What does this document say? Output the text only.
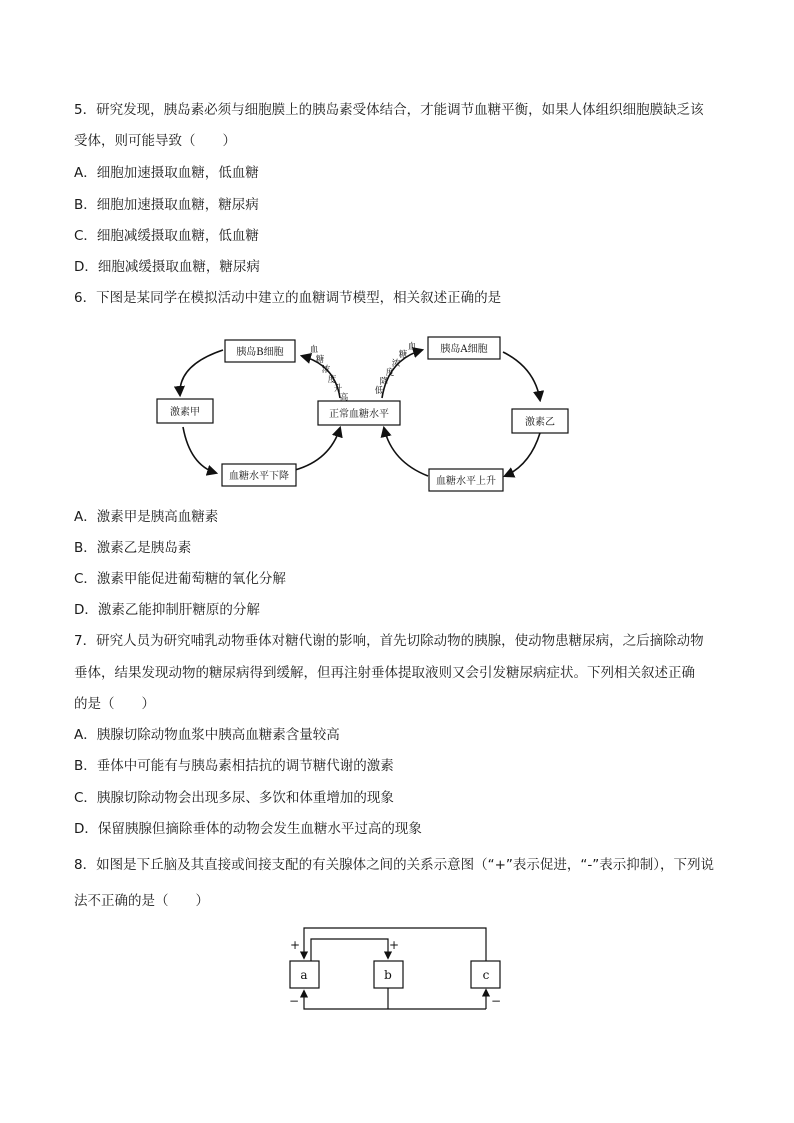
5．研究发现，胰岛素必须与细胞膜上的胰岛素受体结合，才能调节血糖平衡，如果人体组织细胞膜缺乏该
受体，则可能导致（　　）
A．细胞加速摄取血糖，低血糖
B．细胞加速摄取血糖，糖尿病
C．细胞减缓摄取血糖，低血糖
D．细胞减缓摄取血糖，糖尿病
6．下图是某同学在模拟活动中建立的血糖调节模型，相关叙述正确的是
胰岛B细胞
激素甲	正常血糖水平
血糖水平下降
胰岛A细胞
激素乙
血糖水平上升
血
糖
浓
度
升
高
血
糖
浓
度
降
低
a	b	c
+	+
−	−
A．激素甲是胰高血糖素
B．激素乙是胰岛素
C．激素甲能促进葡萄糖的氧化分解
D．激素乙能抑制肝糖原的分解
7．研究人员为研究哺乳动物垂体对糖代谢的影响，首先切除动物的胰腺，使动物患糖尿病，之后摘除动物
垂体，结果发现动物的糖尿病得到缓解，但再注射垂体提取液则又会引发糖尿病症状。下列相关叙述正确
的是（　　）
A．胰腺切除动物血浆中胰高血糖素含量较高
B．垂体中可能有与胰岛素相拮抗的调节糖代谢的激素
C．胰腺切除动物会出现多尿、多饮和体重增加的现象
D．保留胰腺但摘除垂体的动物会发生血糖水平过高的现象
8．如图是下丘脑及其直接或间接支配的有关腺体之间的关系示意图（“+”表示促进，“-”表示抑制），下列说
法不正确的是（　　）
